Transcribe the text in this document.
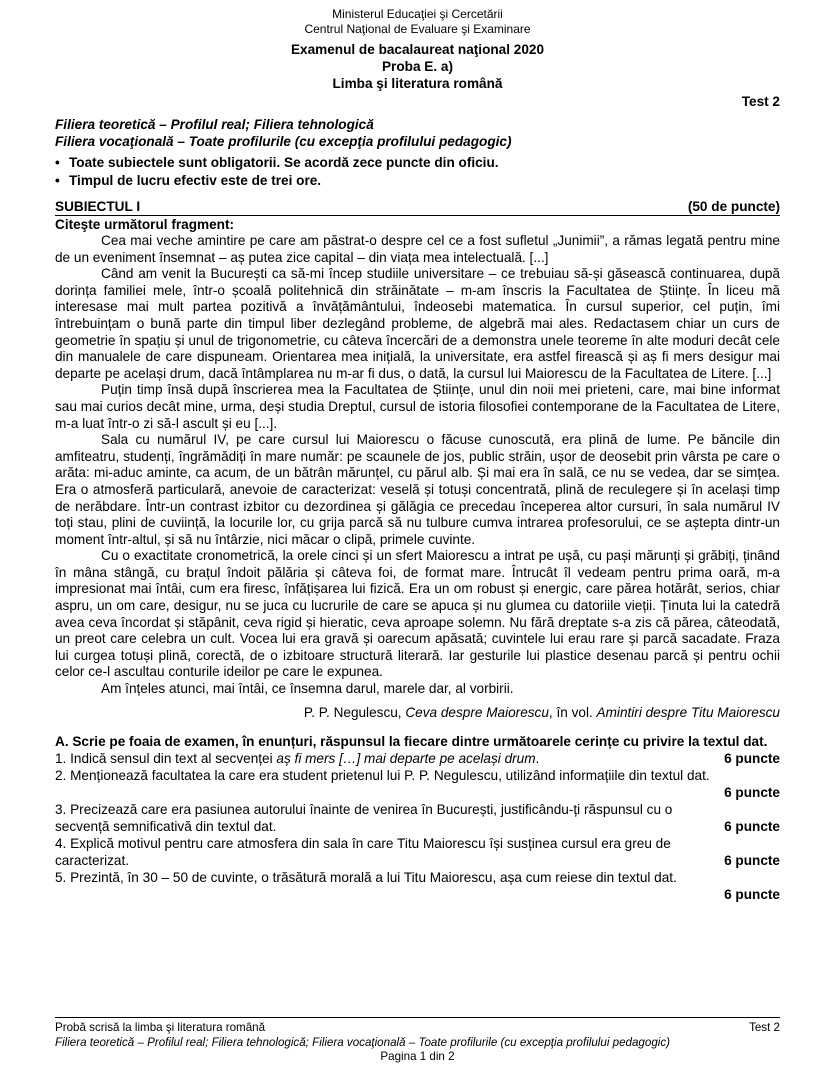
Ministerul Educaţiei şi Cercetării
Centrul Naţional de Evaluare şi Examinare
Examenul de bacalaureat naţional 2020
Proba E. a)
Limba şi literatura română
Test 2
Filiera teoretică – Profilul real; Filiera tehnologică
Filiera vocaţională – Toate profilurile (cu excepţia profilului pedagogic)
• Toate subiectele sunt obligatorii. Se acordă zece puncte din oficiu.
• Timpul de lucru efectiv este de trei ore.
SUBIECTUL I	(50 de puncte)
Citeşte următorul fragment:

Cea mai veche amintire pe care am păstrat-o despre cel ce a fost sufletul „Junimii”, a rămas legată pentru mine de un eveniment însemnat – aș putea zice capital – din viața mea intelectuală. [...]

Când am venit la București ca să-mi încep studiile universitare – ce trebuiau să-și găsească continuarea, după dorința familiei mele, într-o școală politehnică din străinătate – m-am înscris la Facultatea de Științe. În liceu mă interesase mai mult partea pozitivă a învățământului, îndeosebi matematica. În cursul superior, cel puțin, îmi întrebuințam o bună parte din timpul liber dezlegând probleme, de algebră mai ales. Redactasem chiar un curs de geometrie în spațiu și unul de trigonometrie, cu câteva încercări de a demonstra unele teoreme în alte moduri decât cele din manualele de care dispuneam. Orientarea mea inițială, la universitate, era astfel firească și aș fi mers desigur mai departe pe același drum, dacă întâmplarea nu m-ar fi dus, o dată, la cursul lui Maiorescu de la Facultatea de Litere. [...]

Puțin timp însă după înscrierea mea la Facultatea de Științe, unul din noii mei prieteni, care, mai bine informat sau mai curios decât mine, urma, deși studia Dreptul, cursul de istoria filosofiei contemporane de la Facultatea de Litere, m-a luat într-o zi să-l ascult și eu [...].

Sala cu numărul IV, pe care cursul lui Maiorescu o făcuse cunoscută, era plină de lume. Pe băncile din amfiteatru, studenți, îngrămădiți în mare număr: pe scaunele de jos, public străin, ușor de deosebit prin vârsta pe care o arăta: mi-aduc aminte, ca acum, de un bătrân mărunțel, cu părul alb. Și mai era în sală, ce nu se vedea, dar se simțea. Era o atmosferă particulară, anevoie de caracterizat: veselă și totuși concentrată, plină de reculegere și în același timp de nerăbdare. Într-un contrast izbitor cu dezordinea și gălăgia ce precedau începerea altor cursuri, în sala numărul IV toți stau, plini de cuviință, la locurile lor, cu grija parcă să nu tulbure cumva intrarea profesorului, ce se aștepta dintr-un moment într-altul, și să nu întârzie, nici măcar o clipă, primele cuvinte.

Cu o exactitate cronometrică, la orele cinci și un sfert Maiorescu a intrat pe ușă, cu pași mărunți și grăbiți, ținând în mâna stângă, cu brațul îndoit pălăria și câteva foi, de format mare. Întrucât îl vedeam pentru prima oară, m-a impresionat mai întâi, cum era firesc, înfățișarea lui fizică. Era un om robust și energic, care părea hotărât, serios, chiar aspru, un om care, desigur, nu se juca cu lucrurile de care se apuca și nu glumea cu datoriile vieții. Ținuta lui la catedră avea ceva încordat și stăpânit, ceva rigid și hieratic, ceva aproape solemn. Nu fără dreptate s-a zis că părea, câteodată, un preot care celebra un cult. Vocea lui era gravă și oarecum apăsată; cuvintele lui erau rare și parcă sacadate. Fraza lui curgea totuși plină, corectă, de o izbitoare structură literară. Iar gesturile lui plastice desenau parcă și pentru ochii celor ce-l ascultau conturile ideilor pe care le expunea.

Am înțeles atunci, mai întâi, ce însemna darul, marele dar, al vorbirii.

P. P. Negulescu, Ceva despre Maiorescu, în vol. Amintiri despre Titu Maiorescu
A. Scrie pe foaia de examen, în enunțuri, răspunsul la fiecare dintre următoarele cerințe cu privire la textul dat.
1. Indică sensul din text al secvenței aș fi mers […] mai departe pe același drum.	6 puncte
2. Menționează facultatea la care era student prietenul lui P. P. Negulescu, utilizând informațiile din textul dat.
6 puncte
3. Precizează care era pasiunea autorului înainte de venirea în București, justificându-ți răspunsul cu o
secvență semnificativă din textul dat.	6 puncte
4. Explică motivul pentru care atmosfera din sala în care Titu Maiorescu își susținea cursul era greu de
caracterizat.	6 puncte
5. Prezintă, în 30 – 50 de cuvinte, o trăsătură morală a lui Titu Maiorescu, așa cum reiese din textul dat.
6 puncte
Probă scrisă la limba şi literatura română	Test 2
Filiera teoretică – Profilul real; Filiera tehnologică; Filiera vocaţională – Toate profilurile (cu excepţia profilului pedagogic)
Pagina 1 din 2
